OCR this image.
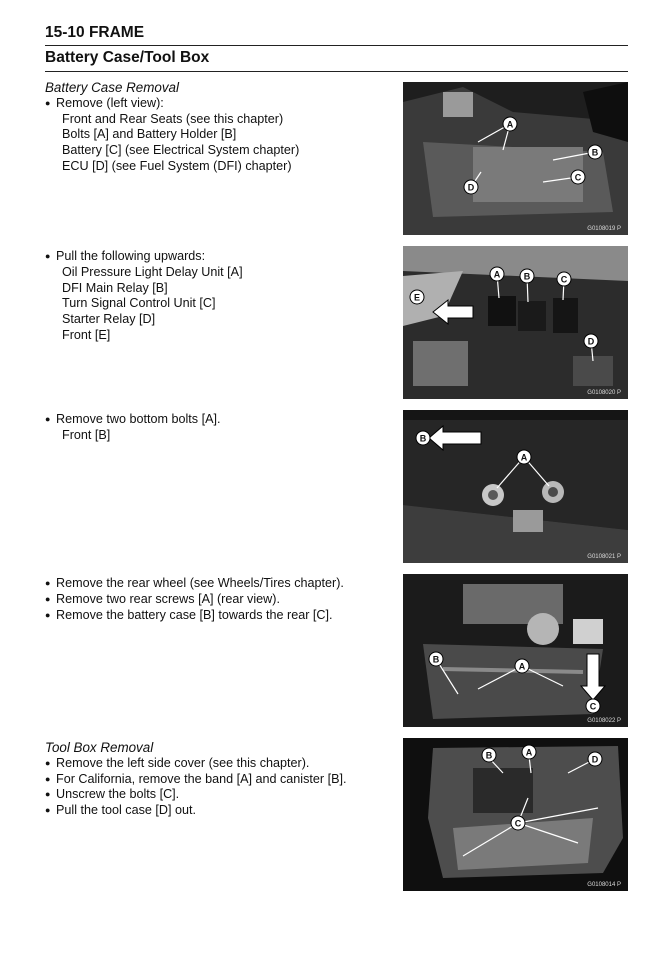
15-10 FRAME
Battery Case/Tool Box
Battery Case Removal
● Remove (left view):
Front and Rear Seats (see this chapter)
Bolts [A] and Battery Holder [B]
Battery [C] (see Electrical System chapter)
ECU [D] (see Fuel System (DFI) chapter)
A
B
C
D
G0108019 P
● Pull the following upwards:
Oil Pressure Light Delay Unit [A]
DFI Main Relay [B]
Turn Signal Control Unit [C]
Starter Relay [D]
Front [E]
A	B	C
D
E
G0108020 P
● Remove two bottom bolts [A].
Front [B]
A
B
G0108021 P
● Remove the rear wheel (see Wheels/Tires chapter).
● Remove two rear screws [A] (rear view).
● Remove the battery case [B] towards the rear [C].
A
B
C
G0108022 P
Tool Box Removal
● Remove the left side cover (see this chapter).
● For California, remove the band [A] and canister [B].
● Unscrew the bolts [C].
● Pull the tool case [D] out.
A
B
C
D
G0108014 P
